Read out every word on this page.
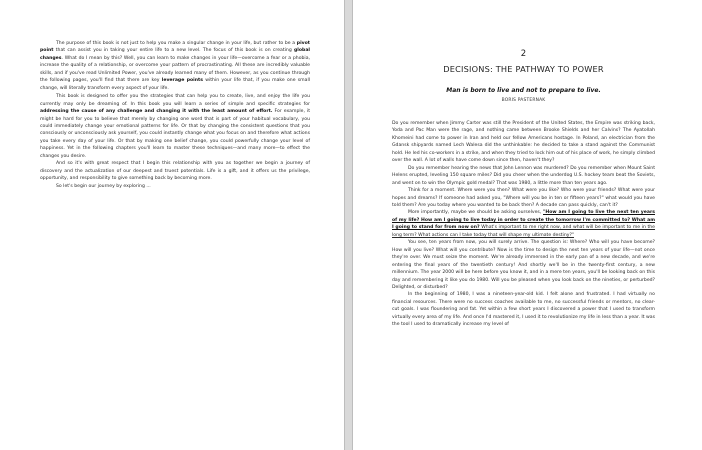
The purpose of this book is not just to help you make a singular change in your life, but rather to be a pivot point that can assist you in taking your entire life to a new level. The focus of this book is on creating global changes. What do I mean by this? Well, you can learn to make changes in your life—overcome a fear or a phobia, increase the quality of a relationship, or overcome your pattern of procrastinating. All these are incredibly valuable skills, and if you've read Unlimited Power, you've already learned many of them. However, as you continue through the following pages, you'll find that there are key leverage points within your life that, if you make one small change, will literally transform every aspect of your life.

This book is designed to offer you the strategies that can help you to create, live, and enjoy the life you currently may only be dreaming of. In this book you will learn a series of simple and specific strategies for addressing the cause of any challenge and changing it with the least amount of effort. For example, it might be hard for you to believe that merely by changing one word that is part of your habitual vocabulary, you could immediately change your emotional patterns for life. Or that by changing the consistent questions that you consciously or unconsciously ask yourself, you could instantly change what you focus on and therefore what actions you take every day of your life. Or that by making one belief change, you could powerfully change your level of happiness. Yet in the following chapters you'll learn to master these techniques—and many more—to effect the changes you desire.

And so it's with great respect that I begin this relationship with you as together we begin a journey of discovery and the actualization of our deepest and truest potentials. Life is a gift, and it offers us the privilege, opportunity, and responsibility to give something back by becoming more.

So let's begin our journey by exploring ...

2
DECISIONS: THE PATHWAY TO POWER
Man is born to live and not to prepare to live.
BORIS PASTERNAK

Do you remember when Jimmy Carter was still the President of the United States, the Empire was striking back, Yoda and Pac Man were the rage, and nothing came between Brooke Shields and her Calvins? The Ayatollah Khomeini had come to power in Iran and held our fellow Americans hostage. In Poland, an electrician from the Gdansk shipyards named Lech Walesa did the unthinkable: he decided to take a stand against the Communist hold. He led his co-workers in a strike, and when they tried to lock him out of his place of work, he simply climbed over the wall. A lot of walls have come down since then, haven't they?

Do you remember hearing the news that John Lennon was murdered? Do you remember when Mount Saint Helens erupted, leveling 150 square miles? Did you cheer when the underdog U.S. hockey team beat the Soviets, and went on to win the Olympic gold medal? That was 1980, a little more than ten years ago.

Think for a moment. Where were you then? What were you like? Who were your friends? What were your hopes and dreams? If someone had asked you, "Where will you be in ten or fifteen years?" what would you have told them? Are you today where you wanted to be back then? A decade can pass quickly, can't it?

More importantly, maybe we should be asking ourselves, "How am I going to live the next ten years of my life? How am I going to live today in order to create the tomorrow I'm committed to? What am I going to stand for from now on? What's important to me right now, and what will be important to me in the long term? What actions can I take today that will shape my ultimate destiny?"

You see, ten years from now, you will surely arrive. The question is: Where? Who will you have become? How will you live? What will you contribute? Now is the time to design the next ten years of your life—not once they're over. We must seize the moment. We're already immersed in the early pan of a new decade, and we're entering the final years of the twentieth century! And shortly we'll be in the twenty-first century, a new millennium. The year 2000 will be here before you know it, and in a mere ten years, you'll be looking back on this day and remembering it like you do 1980. Will you be pleased when you look back on the nineties, or perturbed? Delighted, or disturbed?

In the beginning of 1980, I was a nineteen-year-old kid. I felt alone and frustrated. I had virtually no financial resources. There were no success coaches available to me, no successful friends or mentors, no clear-cut goals. I was floundering and fat. Yet within a few short years I discovered a power that I used to transform virtually every area of my life. And once I'd mastered it, I used it to revolutionize my life in less than a year. It was the tool I used to dramatically increase my level of
